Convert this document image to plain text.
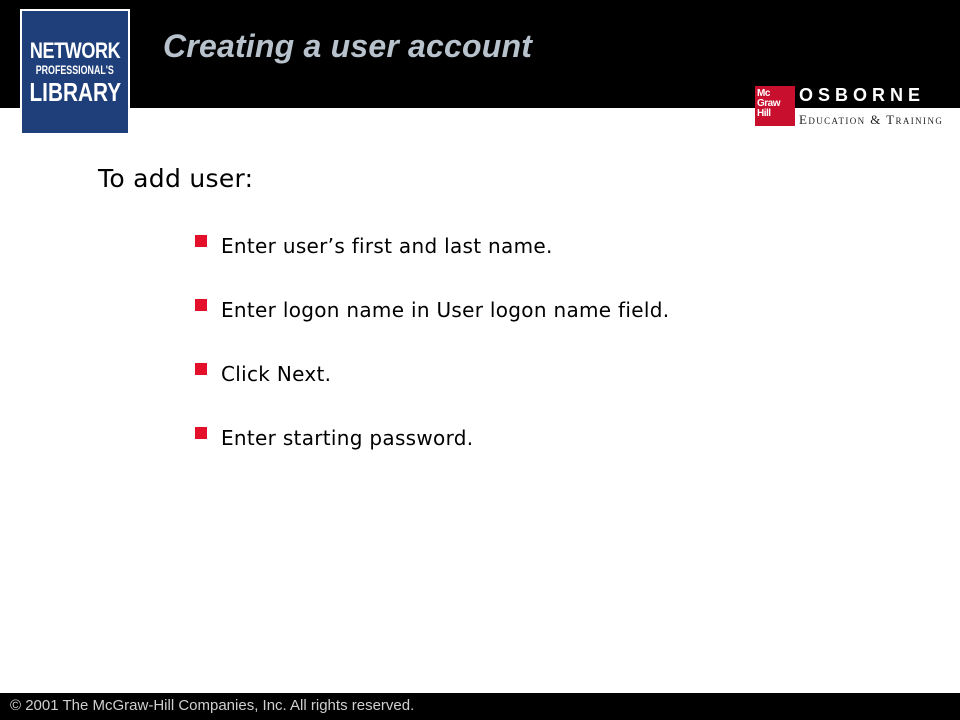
NETWORK
PROFESSIONAL'S
LIBRARY
Creating a user account
Mc
Graw
Hill
OSBORNE
Education & Training
To add user:
Enter user’s first and last name.
Enter logon name in User logon name field.
Click Next.
Enter starting password.
© 2001 The McGraw-Hill Companies, Inc. All rights reserved.
